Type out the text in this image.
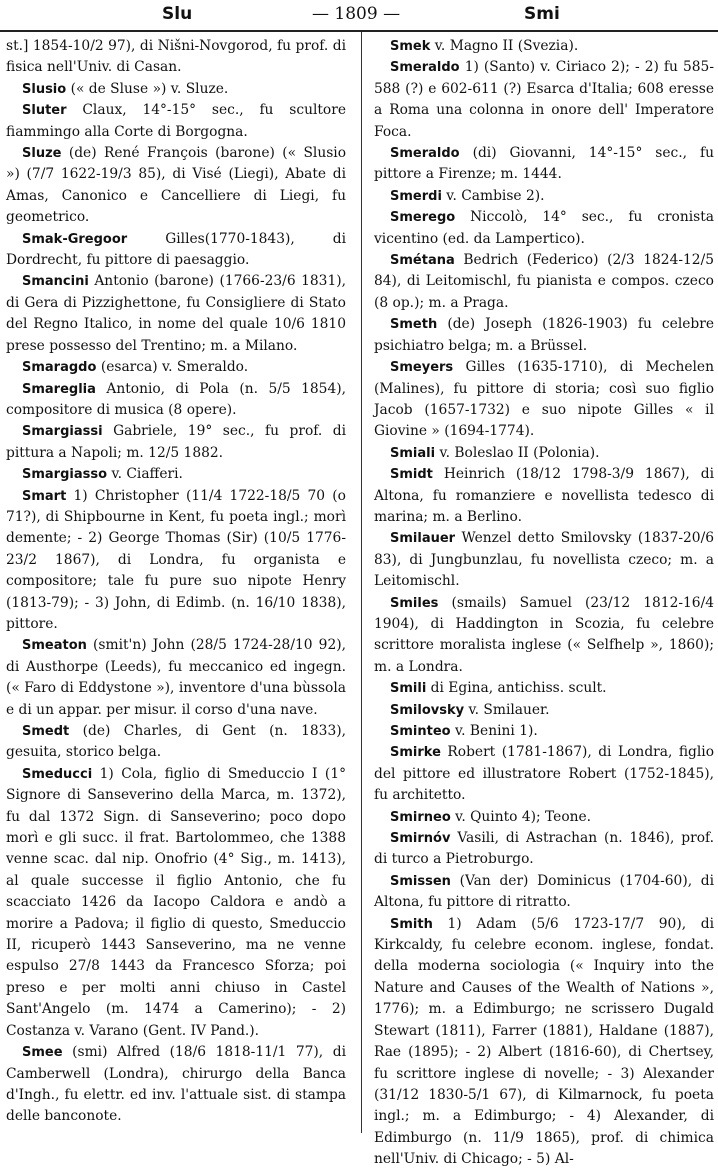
Slu	— 1809 —	Smi

st.] 1854-10/2 97), di Nišni-Novgorod, fu prof. di fisica nell'Univ. di Casan.

Slusio (« de Sluse ») v. Sluze.

Sluter Claux, 14°-15° sec., fu scultore fiammingo alla Corte di Borgogna.

Sluze (de) René François (barone) (« Slusio ») (7/7 1622-19/3 85), di Visé (Liegi), Abate di Amas, Canonico e Cancelliere di Liegi, fu geometrico.

Smak-Gregoor	Gilles(1770-1843), di Dordrecht, fu pittore di paesaggio.

Smancini Antonio (barone) (1766-23/6 1831), di Gera di Pizzighettone, fu Consigliere di Stato del Regno Italico, in nome del quale 10/6 1810 prese possesso del Trentino; m. a Milano.

Smaragdo (esarca) v. Smeraldo.

Smareglia Antonio, di Pola (n. 5/5 1854), compositore di musica (8 opere).

Smargiassi Gabriele, 19° sec., fu prof. di pittura a Napoli; m. 12/5 1882.

Smargiasso v. Ciafferi.

Smart 1) Christopher (11/4 1722-18/5 70 (o 71?), di Shipbourne in Kent, fu poeta ingl.; morì demente; - 2) George Thomas (Sir) (10/5 1776-23/2 1867), di Londra, fu organista e compositore; tale fu pure suo nipote Henry (1813-79); - 3) John, di Edimb. (n. 16/10 1838), pittore.

Smeaton (smit'n) John (28/5 1724-28/10 92), di Austhorpe (Leeds), fu meccanico ed ingegn. (« Faro di Eddystone »), inventore d'una bùssola e di un appar. per misur. il corso d'una nave.

Smedt (de) Charles, di Gent (n. 1833), gesuita, storico belga.

Smeducci 1) Cola, figlio di Smeduccio I (1° Signore di Sanseverino della Marca, m. 1372), fu dal 1372 Sign. di Sanseverino; poco dopo morì e gli succ. il frat. Bartolommeo, che 1388 venne scac. dal nip. Onofrio (4° Sig., m. 1413), al quale successe il figlio Antonio, che fu scacciato 1426 da Iacopo Caldora e andò a morire a Padova; il figlio di questo, Smeduccio II, ricuperò 1443 Sanseverino, ma ne venne espulso 27/8 1443 da Francesco Sforza; poi preso e per molti anni chiuso in Castel Sant'Angelo (m. 1474 a Camerino); - 2) Costanza v. Varano (Gent. IV Pand.).

Smee (smi) Alfred (18/6 1818-11/1 77), di Camberwell (Londra), chirurgo della Banca d'Ingh., fu elettr. ed inv. l'attuale sist. di stampa delle banconote.

Smek v. Magno II (Svezia).

Smeraldo 1) (Santo) v. Ciriaco 2); - 2) fu 585-588 (?) e 602-611 (?) Esarca d'Italia; 608 eresse a Roma una colonna in onore dell' Imperatore Foca.

Smeraldo (di) Giovanni, 14°-15° sec., fu pittore a Firenze; m. 1444.

Smerdi v. Cambise 2).

Smerego Niccolò, 14° sec., fu cronista vicentino (ed. da Lampertico).

Smétana Bedrich (Federico) (2/3 1824-12/5 84), di Leitomischl, fu pianista e compos. czeco (8 op.); m. a Praga.

Smeth (de) Joseph (1826-1903) fu celebre psichiatro belga; m. a Brüssel.

Smeyers Gilles (1635-1710), di Mechelen (Malines), fu pittore di storia; così suo figlio Jacob (1657-1732) e suo nipote Gilles « il Giovine » (1694-1774).

Smiali v. Boleslao II (Polonia).

Smidt Heinrich (18/12 1798-3/9 1867), di Altona, fu romanziere e novellista tedesco di marina; m. a Berlino.

Smilauer Wenzel detto Smilovsky (1837-20/6 83), di Jungbunzlau, fu novellista czeco; m. a Leitomischl.

Smiles (smails) Samuel (23/12 1812-16/4 1904), di Haddington in Scozia, fu celebre scrittore moralista inglese (« Selfhelp », 1860); m. a Londra.

Smili di Egina, antichiss. scult.

Smilovsky v. Smilauer.

Sminteo v. Benini 1).

Smirke Robert (1781-1867), di Londra, figlio del pittore ed illustratore Robert (1752-1845), fu architetto.

Smirneo v. Quinto 4); Teone.

Smirnóv Vasili, di Astrachan (n. 1846), prof. di turco a Pietroburgo.

Smissen (Van der) Dominicus (1704-60), di Altona, fu pittore di ritratto.

Smith 1) Adam (5/6 1723-17/7 90), di Kirkcaldy, fu celebre econom. inglese, fondat. della moderna sociologia (« Inquiry into the Nature and Causes of the Wealth of Nations », 1776); m. a Edimburgo; ne scrissero Dugald Stewart (1811), Farrer (1881), Haldane (1887), Rae (1895); - 2) Albert (1816-60), di Chertsey, fu scrittore inglese di novelle; - 3) Alexander (31/12 1830-5/1 67), di Kilmarnock, fu poeta ingl.; m. a Edimburgo; - 4) Alexander, di Edimburgo (n. 11/9 1865), prof. di chimica nell'Univ. di Chicago; - 5) Al-
